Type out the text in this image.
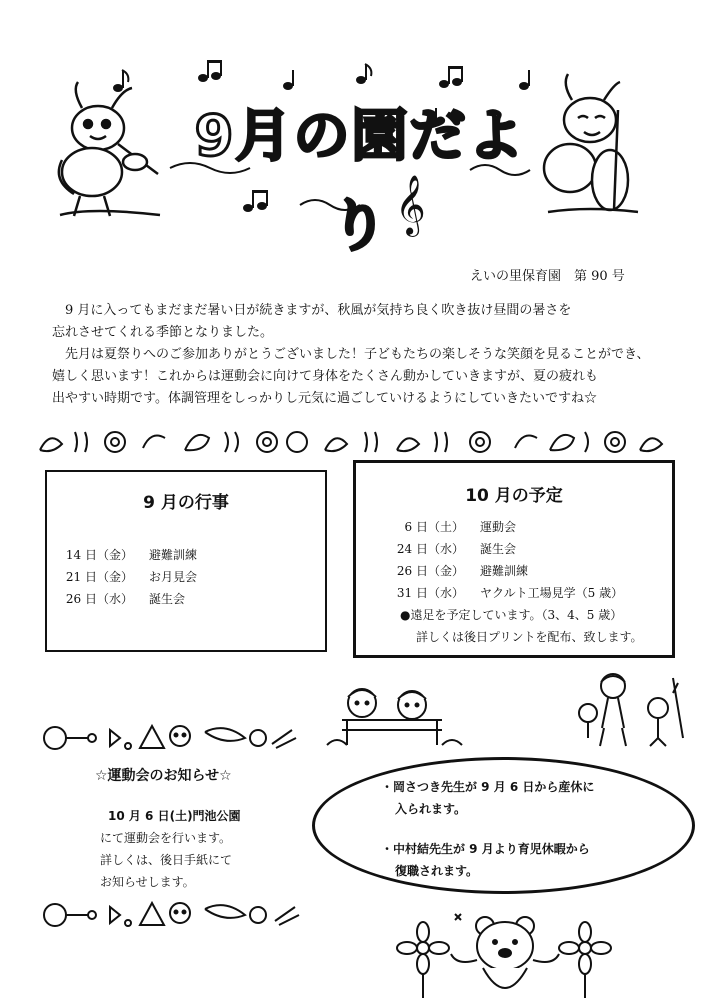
𝄞
9月の園だより
えいの里保育園　第 90 号

　9 月に入ってもまだまだ暑い日が続きますが、秋風が気持ち良く吹き抜け昼間の暑さを

忘れさせてくれる季節となりました。

　先月は夏祭りへのご参加ありがとうございました！子どもたちの楽しそうな笑顔を見ることができ、

嬉しく思います！これからは運動会に向けて身体をたくさん動かしていきますが、夏の疲れも

出やすい時期です。体調管理をしっかりし元気に過ごしていけるようにしていきたいですね☆

9 月の行事
14 日（金） 避難訓練
21 日（金） お月見会
26 日（水） 誕生会
10 月の予定
6 日（土） 運動会
24 日（水） 誕生会
26 日（金） 避難訓練
31 日（水） ヤクルト工場見学（5 歳）
●遠足を予定しています。（3、4、5 歳）
詳しくは後日プリントを配布、致します。
☆運動会のお知らせ☆
10 月 6 日(土)門池公園
にて運動会を行います。
詳しくは、後日手紙にて
お知らせします。
・岡さつき先生が 9 月 6 日から産休に
入られます。
・中村結先生が 9 月より育児休暇から
復職されます。
